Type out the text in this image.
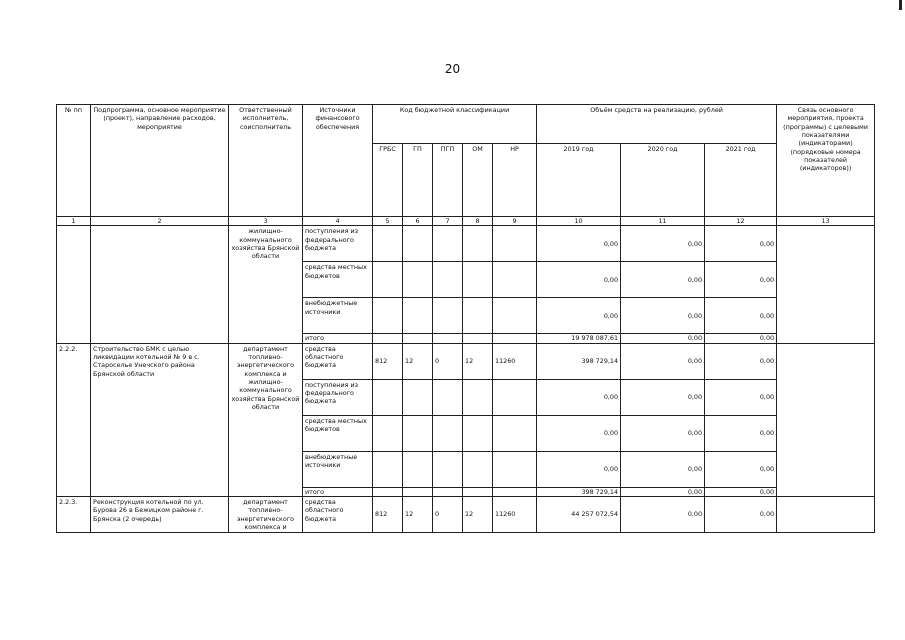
20
№ пп	Подпрограмма, основное мероприятие (проект), направление расходов, мероприятие	Ответственный исполнитель, соисполнитель	Источники финансового обеспечения	Код бюджетной классификации					Объём средств на реализацию, рублей			Связь основного мероприятия, проекта (программы) с целевыми показателями (индикаторами) (порядковые номера показателей (индикаторов))
				ГРБС	ГП	ПГП	ОМ	НР	2019 год	2020 год	2021 год	
1	2	3	4	5	6	7	8	9	10	11	12	13
		жилищно-коммунального хозяйства Брянской области	поступления из федерального бюджета						0,00	0,00	0,00	
			средства местных бюджетов						0,00	0,00	0,00	
			внебюджетные источники						0,00	0,00	0,00	
			итого						19 978 087,61	0,00	0,00	
2.2.2.	Строительство БМК с целью ликвидации котельной № 9 в с. Староселье Унечского района Брянской области	департамент топливно-энергетического комплекса и жилищно-коммунального хозяйства Брянской области	средства областного бюджета	812	12	0	12	11260	398 729,14	0,00	0,00	
			поступления из федерального бюджета						0,00	0,00	0,00	
			средства местных бюджетов						0,00	0,00	0,00	
			внебюджетные источники						0,00	0,00	0,00	
			итого						398 729,14	0,00	0,00	
2.2.3.	Реконструкция котельной по ул. Бурова 26 в Бежицком районе г. Брянска (2 очередь)	департамент топливно-энергетического комплекса и	средства областного бюджета	812	12	0	12	11260	44 257 072,54	0,00	0,00	
